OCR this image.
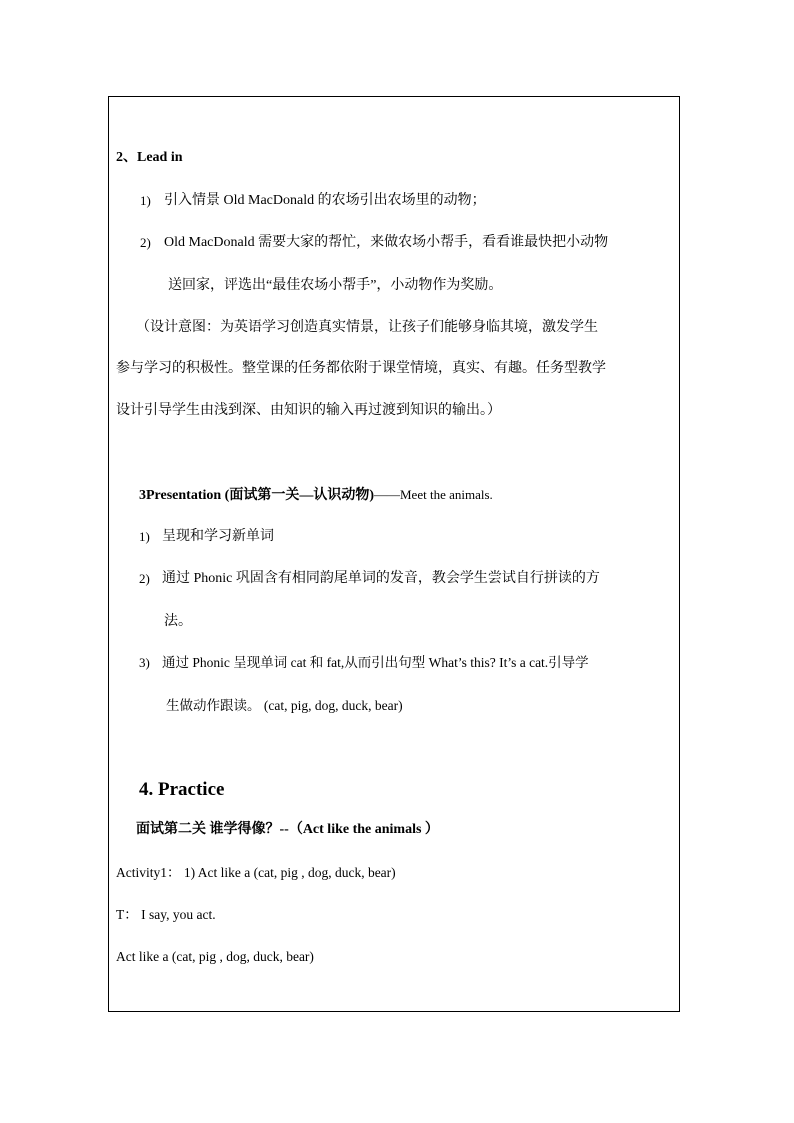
2、Lead in
1) 引入情景 Old MacDonald 的农场引出农场里的动物；
2) Old MacDonald 需要大家的帮忙，来做农场小帮手，看看谁最快把小动物
送回家，评选出“最佳农场小帮手”，小动物作为奖励。
（设计意图：为英语学习创造真实情景，让孩子们能够身临其境，激发学生
参与学习的积极性。整堂课的任务都依附于课堂情境，真实、有趣。任务型教学
设计引导学生由浅到深、由知识的输入再过渡到知识的输出。）
3Presentation (面试第一关—认识动物)——Meet the animals.
1) 呈现和学习新单词
2) 通过 Phonic 巩固含有相同韵尾单词的发音，教会学生尝试自行拼读的方
法。
3) 通过 Phonic 呈现单词 cat 和 fat,从而引出句型 What’s this? It’s a cat.引导学
生做动作跟读。 (cat, pig, dog, duck, bear)
4. Practice
面试第二关 谁学得像？--（Act like the animals ）
Activity1： 1) Act like a (cat, pig , dog, duck, bear)
T： I say, you act.
Act like a (cat, pig , dog, duck, bear)
